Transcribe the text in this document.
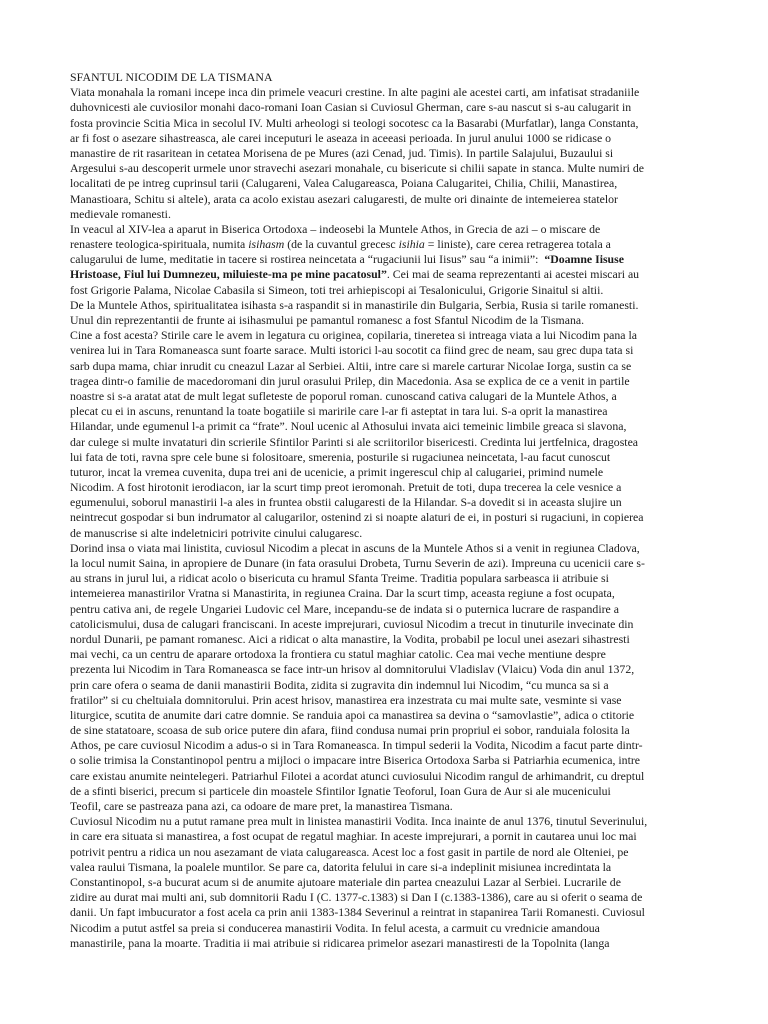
SFANTUL NICODIM DE LA TISMANA
Viata monahala la romani incepe inca din primele veacuri crestine. In alte pagini ale acestei carti, am infatisat stradaniile
duhovnicesti ale cuviosilor monahi daco-romani Ioan Casian si Cuviosul Gherman, care s-au nascut si s-au calugarit in
fosta provincie Scitia Mica in secolul IV. Multi arheologi si teologi socotesc ca la Basarabi (Murfatlar), langa Constanta,
ar fi fost o asezare sihastreasca, ale carei inceputuri le aseaza in aceeasi perioada. In jurul anului 1000 se ridicase o
manastire de rit rasaritean in cetatea Morisena de pe Mures (azi Cenad, jud. Timis). In partile Salajului, Buzaului si
Argesului s-au descoperit urmele unor stravechi asezari monahale, cu bisericute si chilii sapate in stanca. Multe numiri de
localitati de pe intreg cuprinsul tarii (Calugareni, Valea Calugareasca, Poiana Calugaritei, Chilia, Chilii, Manastirea,
Manastioara, Schitu si altele), arata ca acolo existau asezari calugaresti, de multe ori dinainte de intemeierea statelor
medievale romanesti.
In veacul al XIV-lea a aparut in Biserica Ortodoxa – indeosebi la Muntele Athos, in Grecia de azi – o miscare de
renastere teologica-spirituala, numita isihasm (de la cuvantul grecesc isihia = liniste), care cerea retragerea totala a
calugarului de lume, meditatie in tacere si rostirea neincetata a “rugaciunii lui Iisus” sau “a inimii”:  “Doamne Iisuse
Hristoase, Fiul lui Dumnezeu, miluieste-ma pe mine pacatosul”. Cei mai de seama reprezentanti ai acestei miscari au
fost Grigorie Palama, Nicolae Cabasila si Simeon, toti trei arhiepiscopi ai Tesalonicului, Grigorie Sinaitul si altii.
De la Muntele Athos, spiritualitatea isihasta s-a raspandit si in manastirile din Bulgaria, Serbia, Rusia si tarile romanesti.
Unul din reprezentantii de frunte ai isihasmului pe pamantul romanesc a fost Sfantul Nicodim de la Tismana.
Cine a fost acesta? Stirile care le avem in legatura cu originea, copilaria, tineretea si intreaga viata a lui Nicodim pana la
venirea lui in Tara Romaneasca sunt foarte sarace. Multi istorici l-au socotit ca fiind grec de neam, sau grec dupa tata si
sarb dupa mama, chiar inrudit cu cneazul Lazar al Serbiei. Altii, intre care si marele carturar Nicolae Iorga, sustin ca se
tragea dintr-o familie de macedoromani din jurul orasului Prilep, din Macedonia. Asa se explica de ce a venit in partile
noastre si s-a aratat atat de mult legat sufleteste de poporul roman. cunoscand cativa calugari de la Muntele Athos, a
plecat cu ei in ascuns, renuntand la toate bogatiile si maririle care l-ar fi asteptat in tara lui. S-a oprit la manastirea
Hilandar, unde egumenul l-a primit ca “frate”. Noul ucenic al Athosului invata aici temeinic limbile greaca si slavona,
dar culege si multe invataturi din scrierile Sfintilor Parinti si ale scriitorilor bisericesti. Credinta lui jertfelnica, dragostea
lui fata de toti, ravna spre cele bune si folositoare, smerenia, posturile si rugaciunea neincetata, l-au facut cunoscut
tuturor, incat la vremea cuvenita, dupa trei ani de ucenicie, a primit ingerescul chip al calugariei, primind numele
Nicodim. A fost hirotonit ierodiacon, iar la scurt timp preot ieromonah. Pretuit de toti, dupa trecerea la cele vesnice a
egumenului, soborul manastirii l-a ales in fruntea obstii calugaresti de la Hilandar. S-a dovedit si in aceasta slujire un
neintrecut gospodar si bun indrumator al calugarilor, ostenind zi si noapte alaturi de ei, in posturi si rugaciuni, in copierea
de manuscrise si alte indeletniciri potrivite cinului calugaresc.
Dorind insa o viata mai linistita, cuviosul Nicodim a plecat in ascuns de la Muntele Athos si a venit in regiunea Cladova,
la locul numit Saina, in apropiere de Dunare (in fata orasului Drobeta, Turnu Severin de azi). Impreuna cu ucenicii care s-
au strans in jurul lui, a ridicat acolo o bisericuta cu hramul Sfanta Treime. Traditia populara sarbeasca ii atribuie si
intemeierea manastirilor Vratna si Manastirita, in regiunea Craina. Dar la scurt timp, aceasta regiune a fost ocupata,
pentru cativa ani, de regele Ungariei Ludovic cel Mare, incepandu-se de indata si o puternica lucrare de raspandire a
catolicismului, dusa de calugari franciscani. In aceste imprejurari, cuviosul Nicodim a trecut in tinuturile invecinate din
nordul Dunarii, pe pamant romanesc. Aici a ridicat o alta manastire, la Vodita, probabil pe locul unei asezari sihastresti
mai vechi, ca un centru de aparare ortodoxa la frontiera cu statul maghiar catolic. Cea mai veche mentiune despre
prezenta lui Nicodim in Tara Romaneasca se face intr-un hrisov al domnitorului Vladislav (Vlaicu) Voda din anul 1372,
prin care ofera o seama de danii manastirii Bodita, zidita si zugravita din indemnul lui Nicodim, “cu munca sa si a
fratilor” si cu cheltuiala domnitorului. Prin acest hrisov, manastirea era inzestrata cu mai multe sate, vesminte si vase
liturgice, scutita de anumite dari catre domnie. Se randuia apoi ca manastirea sa devina o “samovlastie”, adica o ctitorie
de sine statatoare, scoasa de sub orice putere din afara, fiind condusa numai prin propriul ei sobor, randuiala folosita la
Athos, pe care cuviosul Nicodim a adus-o si in Tara Romaneasca. In timpul sederii la Vodita, Nicodim a facut parte dintr-
o solie trimisa la Constantinopol pentru a mijloci o impacare intre Biserica Ortodoxa Sarba si Patriarhia ecumenica, intre
care existau anumite neintelegeri. Patriarhul Filotei a acordat atunci cuviosului Nicodim rangul de arhimandrit, cu dreptul
de a sfinti biserici, precum si particele din moastele Sfintilor Ignatie Teoforul, Ioan Gura de Aur si ale mucenicului
Teofil, care se pastreaza pana azi, ca odoare de mare pret, la manastirea Tismana.
Cuviosul Nicodim nu a putut ramane prea mult in linistea manastirii Vodita. Inca inainte de anul 1376, tinutul Severinului,
in care era situata si manastirea, a fost ocupat de regatul maghiar. In aceste imprejurari, a pornit in cautarea unui loc mai
potrivit pentru a ridica un nou asezamant de viata calugareasca. Acest loc a fost gasit in partile de nord ale Olteniei, pe
valea raului Tismana, la poalele muntilor. Se pare ca, datorita felului in care si-a indeplinit misiunea incredintata la
Constantinopol, s-a bucurat acum si de anumite ajutoare materiale din partea cneazului Lazar al Serbiei. Lucrarile de
zidire au durat mai multi ani, sub domnitorii Radu I (C. 1377-c.1383) si Dan I (c.1383-1386), care au si oferit o seama de
danii. Un fapt imbucurator a fost acela ca prin anii 1383-1384 Severinul a reintrat in stapanirea Tarii Romanesti. Cuviosul
Nicodim a putut astfel sa preia si conducerea manastirii Vodita. In felul acesta, a carmuit cu vrednicie amandoua
manastirile, pana la moarte. Traditia ii mai atribuie si ridicarea primelor asezari manastiresti de la Topolnita (langa
